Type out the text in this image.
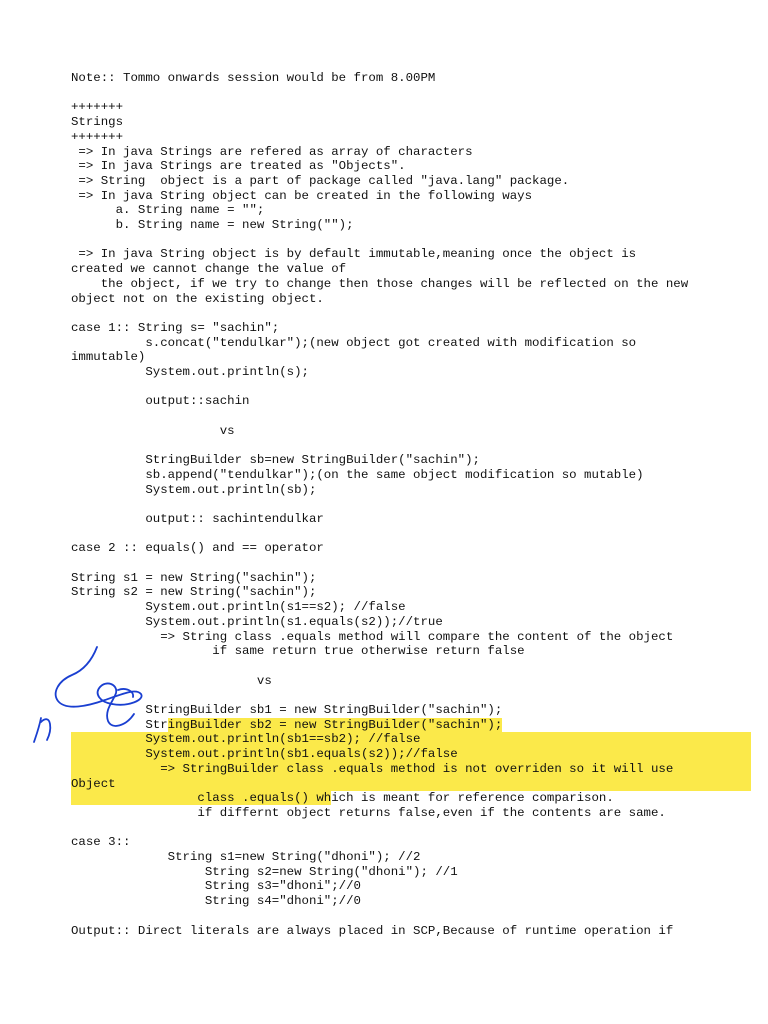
Note:: Tommo onwards session would be from 8.00PM
+++++++
Strings
+++++++
=> In java Strings are refered as array of characters
=> In java Strings are treated as "Objects".
=> String  object is a part of package called "java.lang" package.
=> In java String object can be created in the following ways
a. String name = "";
b. String name = new String("");
=> In java String object is by default immutable,meaning once the object is
created we cannot change the value of
the object, if we try to change then those changes will be reflected on the new
object not on the existing object.
case 1:: String s= "sachin";
s.concat("tendulkar");(new object got created with modification so
immutable)
System.out.println(s);
output::sachin
vs
StringBuilder sb=new StringBuilder("sachin");
sb.append("tendulkar");(on the same object modification so mutable)
System.out.println(sb);
output:: sachintendulkar
case 2 :: equals() and == operator
String s1 = new String("sachin");
String s2 = new String("sachin");
System.out.println(s1==s2); //false
System.out.println(s1.equals(s2));//true
=> String class .equals method will compare the content of the object
if same return true otherwise return false
vs
StringBuilder sb1 = new StringBuilder("sachin");
StringBuilder sb2 = new StringBuilder("sachin");
System.out.println(sb1==sb2); //false
System.out.println(sb1.equals(s2));//false
=> StringBuilder class .equals method is not overriden so it will use
Object
class .equals() which is meant for reference comparison.
if differnt object returns false,even if the contents are same.
case 3::
String s1=new String("dhoni"); //2
String s2=new String("dhoni"); //1
String s3="dhoni";//0
String s4="dhoni";//0
Output:: Direct literals are always placed in SCP,Because of runtime operation if
